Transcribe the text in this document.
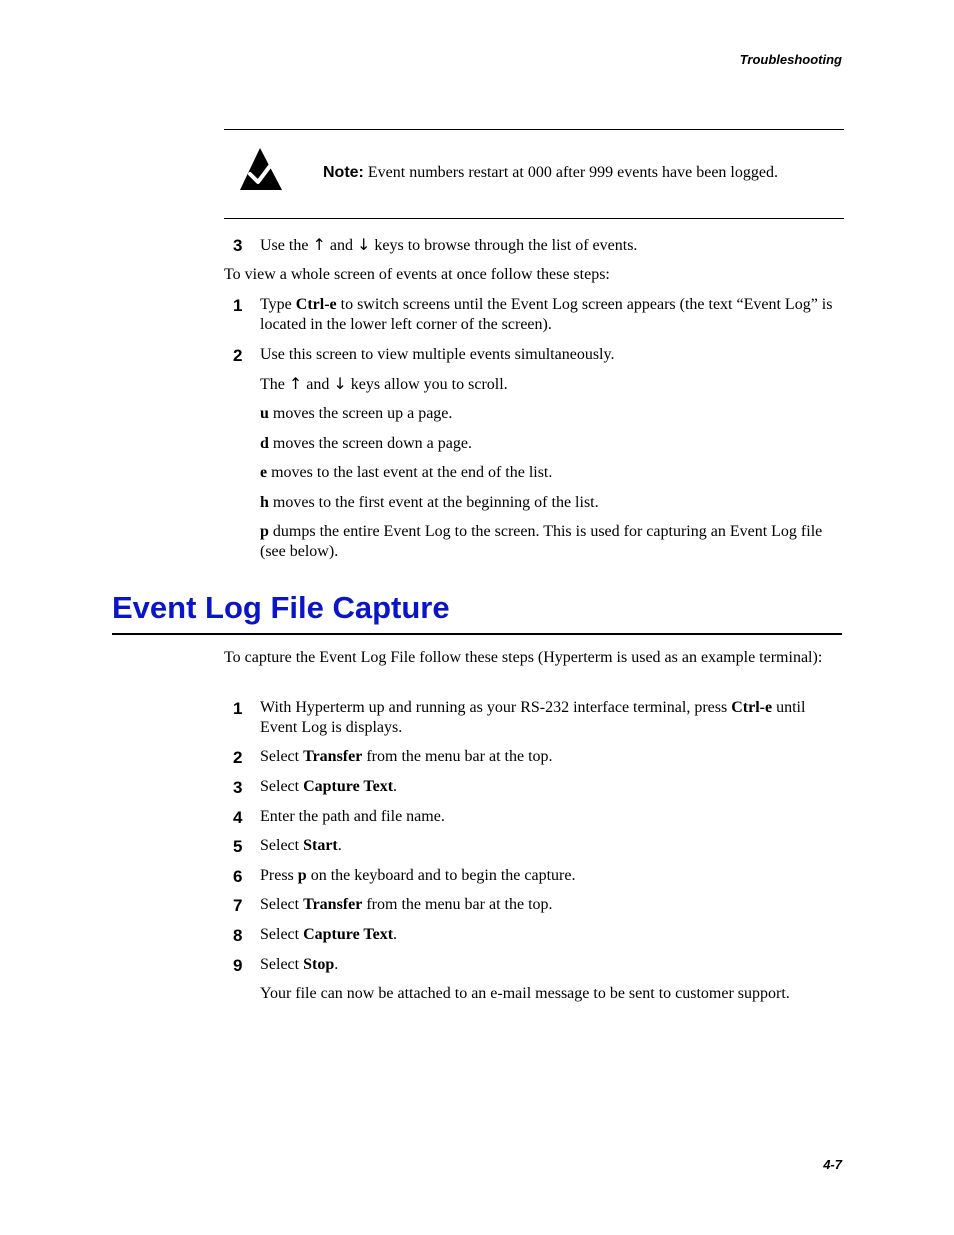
Troubleshooting
Note: Event numbers restart at 000 after 999 events have been logged.
3	Use the ↑ and ↓ keys to browse through the list of events.
To view a whole screen of events at once follow these steps:
1	Type Ctrl-e to switch screens until the Event Log screen appears (the text “Event Log” is located in the lower left corner of the screen).
2	Use this screen to view multiple events simultaneously.
The ↑ and ↓ keys allow you to scroll.
u moves the screen up a page.
d moves the screen down a page.
e moves to the last event at the end of the list.
h moves to the first event at the beginning of the list.
p dumps the entire Event Log to the screen. This is used for capturing an Event Log file (see below).
Event Log File Capture
To capture the Event Log File follow these steps (Hyperterm is used as an example terminal):
1	With Hyperterm up and running as your RS-232 interface terminal, press Ctrl-e until Event Log is displays.
2	Select Transfer from the menu bar at the top.
3	Select Capture Text.
4	Enter the path and file name.
5	Select Start.
6	Press p on the keyboard and to begin the capture.
7	Select Transfer from the menu bar at the top.
8	Select Capture Text.
9	Select Stop.
Your file can now be attached to an e-mail message to be sent to customer support.
4-7
